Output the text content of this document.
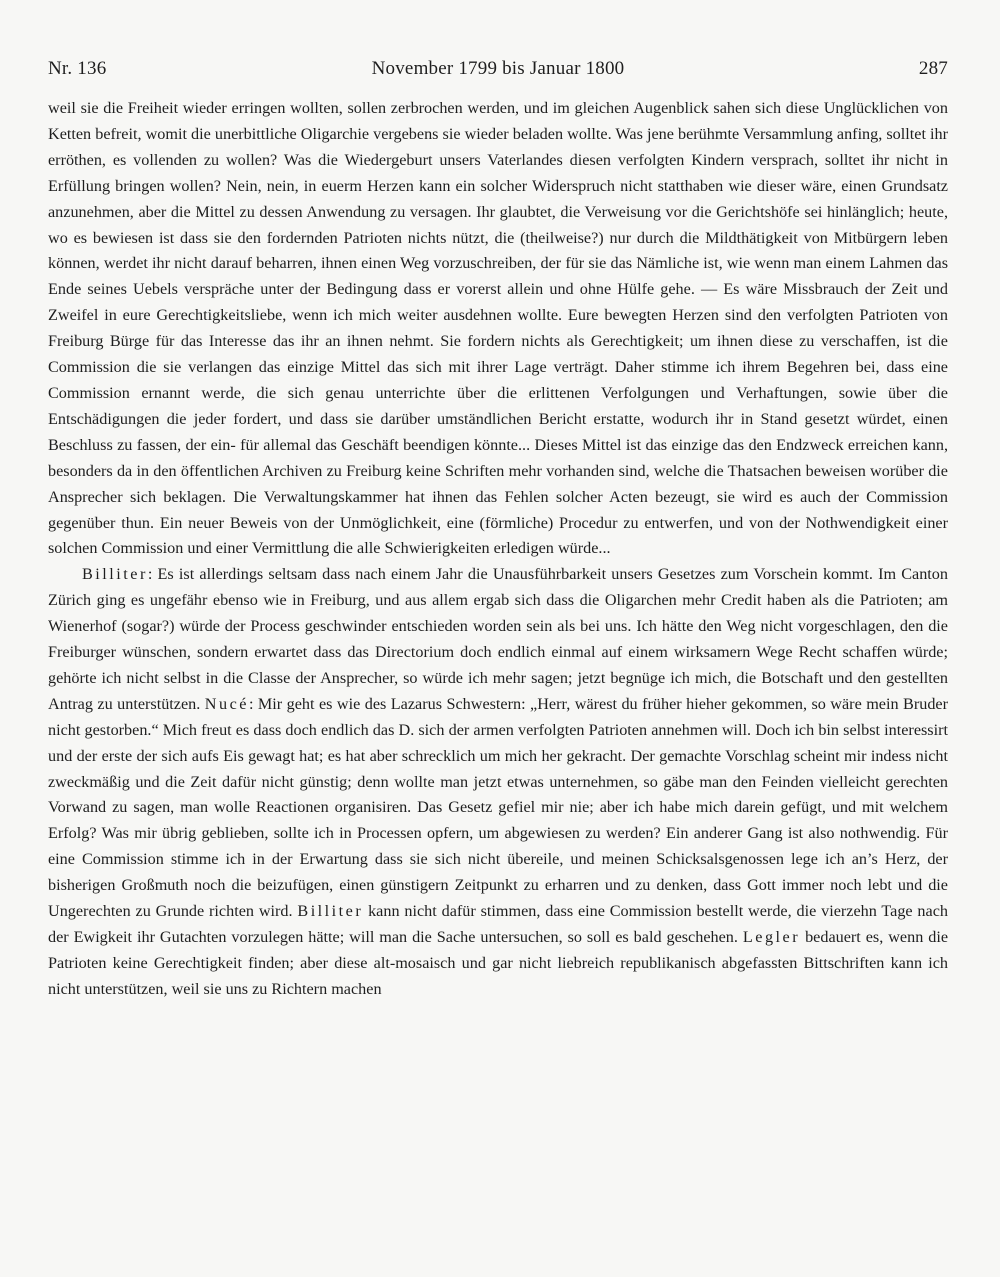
Nr. 136	November 1799 bis Januar 1800	287

weil sie die Freiheit wieder erringen wollten, sollen zerbrochen werden, und im gleichen Augenblick sahen sich diese Unglücklichen von Ketten befreit, womit die unerbittliche Oligarchie vergebens sie wieder beladen wollte. Was jene berühmte Versammlung anfing, solltet ihr erröthen, es vollenden zu wollen? Was die Wiedergeburt unsers Vaterlandes diesen verfolgten Kindern versprach, solltet ihr nicht in Erfüllung bringen wollen? Nein, nein, in euerm Herzen kann ein solcher Widerspruch nicht statthaben wie dieser wäre, einen Grundsatz anzunehmen, aber die Mittel zu dessen Anwendung zu versagen. Ihr glaubtet, die Verweisung vor die Gerichtshöfe sei hinlänglich; heute, wo es bewiesen ist dass sie den fordernden Patrioten nichts nützt, die (theilweise?) nur durch die Mildthätigkeit von Mitbürgern leben können, werdet ihr nicht darauf beharren, ihnen einen Weg vorzuschreiben, der für sie das Nämliche ist, wie wenn man einem Lahmen das Ende seines Uebels verspräche unter der Bedingung dass er vorerst allein und ohne Hülfe gehe. — Es wäre Missbrauch der Zeit und Zweifel in eure Gerechtigkeitsliebe, wenn ich mich weiter ausdehnen wollte. Eure bewegten Herzen sind den verfolgten Patrioten von Freiburg Bürge für das Interesse das ihr an ihnen nehmt. Sie fordern nichts als Gerechtigkeit; um ihnen diese zu verschaffen, ist die Commission die sie verlangen das einzige Mittel das sich mit ihrer Lage verträgt. Daher stimme ich ihrem Begehren bei, dass eine Commission ernannt werde, die sich genau unterrichte über die erlittenen Verfolgungen und Verhaftungen, sowie über die Entschädigungen die jeder fordert, und dass sie darüber umständlichen Bericht erstatte, wodurch ihr in Stand gesetzt würdet, einen Beschluss zu fassen, der ein- für allemal das Geschäft beendigen könnte... Dieses Mittel ist das einzige das den Endzweck erreichen kann, besonders da in den öffentlichen Archiven zu Freiburg keine Schriften mehr vorhanden sind, welche die Thatsachen beweisen worüber die Ansprecher sich beklagen. Die Verwaltungskammer hat ihnen das Fehlen solcher Acten bezeugt, sie wird es auch der Commission gegenüber thun. Ein neuer Beweis von der Unmöglichkeit, eine (förmliche) Procedur zu entwerfen, und von der Nothwendigkeit einer solchen Commission und einer Vermittlung die alle Schwierigkeiten erledigen würde...

Billiter: Es ist allerdings seltsam dass nach einem Jahr die Unausführbarkeit unsers Gesetzes zum Vorschein kommt. Im Canton Zürich ging es ungefähr ebenso wie in Freiburg, und aus allem ergab sich dass die Oligarchen mehr Credit haben als die Patrioten; am Wienerhof (sogar?) würde der Process geschwinder entschieden worden sein als bei uns. Ich hätte den Weg nicht vorgeschlagen, den die Freiburger wünschen, sondern erwartet dass das Directorium doch endlich einmal auf einem wirksamern Wege Recht schaffen würde; gehörte ich nicht selbst in die Classe der Ansprecher, so würde ich mehr sagen; jetzt begnüge ich mich, die Botschaft und den gestellten Antrag zu unterstützen. Nucé: Mir geht es wie des Lazarus Schwestern: „Herr, wärest du früher hieher gekommen, so wäre mein Bruder nicht gestorben.“ Mich freut es dass doch endlich das D. sich der armen verfolgten Patrioten annehmen will. Doch ich bin selbst interessirt und der erste der sich aufs Eis gewagt hat; es hat aber schrecklich um mich her gekracht. Der gemachte Vorschlag scheint mir indess nicht zweckmäßig und die Zeit dafür nicht günstig; denn wollte man jetzt etwas unternehmen, so gäbe man den Feinden vielleicht gerechten Vorwand zu sagen, man wolle Reactionen organisiren. Das Gesetz gefiel mir nie; aber ich habe mich darein gefügt, und mit welchem Erfolg? Was mir übrig geblieben, sollte ich in Processen opfern, um abgewiesen zu werden? Ein anderer Gang ist also nothwendig. Für eine Commission stimme ich in der Erwartung dass sie sich nicht übereile, und meinen Schicksalsgenossen lege ich an’s Herz, der bisherigen Großmuth noch die beizufügen, einen günstigern Zeitpunkt zu erharren und zu denken, dass Gott immer noch lebt und die Ungerechten zu Grunde richten wird. Billiter kann nicht dafür stimmen, dass eine Commission bestellt werde, die vierzehn Tage nach der Ewigkeit ihr Gutachten vorzulegen hätte; will man die Sache untersuchen, so soll es bald geschehen. Legler bedauert es, wenn die Patrioten keine Gerechtigkeit finden; aber diese alt-mosaisch und gar nicht liebreich republikanisch abgefassten Bittschriften kann ich nicht unterstützen, weil sie uns zu Richtern machen
